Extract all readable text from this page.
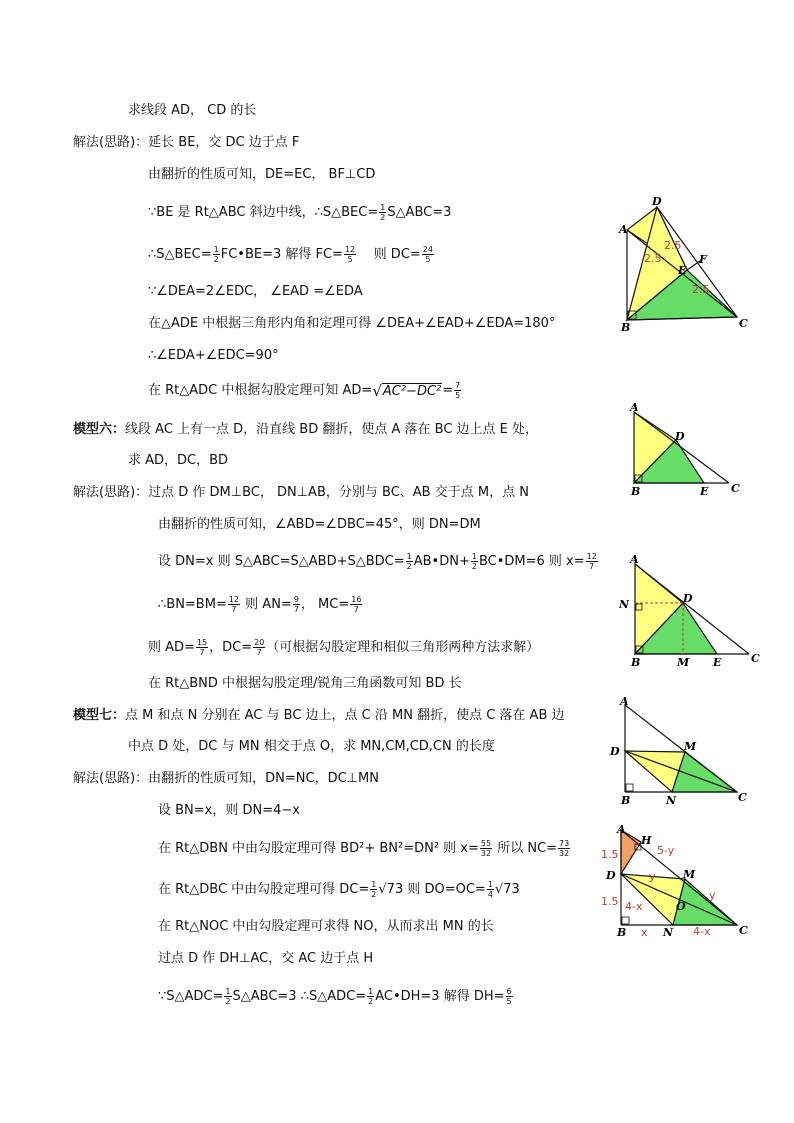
求线段 AD， CD 的长
解法(思路)：延长 BE，交 DC 边于点 F
由翻折的性质可知，DE=EC， BF⊥CD
∵BE 是 Rt△ABC 斜边中线，∴S△BEC= $\frac{1}{2}$ S△ABC=3
∴S△BEC= $\frac{1}{2}$ FC•BE=3 解得 $FC= \frac{12}{5}$ 则 $DC= \frac{24}{5}$
∵∠DEA=2∠EDC， ∠EAD =∠EDA
在△ADE 中根据三角形内角和定理可得 ∠DEA+∠EAD+∠EDA=180°
∴∠EDA+∠EDC=90°
在 Rt△ADC 中根据勾股定理可知 AD= √ $AC^2-DC^2 = \frac{7}{5}$
模型六：线段 AC 上有一点 D，沿直线 BD 翻折，使点 A 落在 BC 边上点 E 处，
求 AD，DC，BD
解法(思路)：过点 D 作 DM⊥BC， DN⊥AB，分别与 BC、AB 交于点 M，点 N
由翻折的性质可知，∠ABD=∠DBC=45°，则 DN=DM
设 DN=x 则 S△ABC=S△ABD+S△BDC= $\frac{1}{2}$ AB•DN+ $\frac{1}{2}$ BC•DM=6 则 $x= \frac{12}{7}$
∴BN=BM= $\frac{12}{7}$ 则 $AN= \frac{9}{7}$ ， $MC= \frac{16}{7}$
则 $AD= \frac{15}{7}$ ，$DC= \frac{20}{7}$ （可根据勾股定理和相似三角形两种方法求解）
在 Rt△BND 中根据勾股定理/锐角三角函数可知 BD 长
模型七：点 M 和点 N 分别在 AC 与 BC 边上，点 C 沿 MN 翻折，使点 C 落在 AB 边
中点 D 处，DC 与 MN 相交于点 O，求 MN,CM,CD,CN 的长度
解法(思路)：由翻折的性质可知，DN=NC，DC⊥MN
设 BN=x，则 DN=4−x
在 Rt△DBN 中由勾股定理可得 BD²+ BN²=DN² 则 $x= \frac{55}{32}$ 所以 $NC= \frac{73}{32}$
在 Rt△DBC 中由勾股定理可得 $DC= \frac{1}{2} √73$ 则 $DO=OC= \frac{1}{4} √73$
在 Rt△NOC 中由勾股定理可求得 NO，从而求出 MN 的长
过点 D 作 DH⊥AC，交 AC 边于点 H
∵S△ADC= $\frac{1}{2}$ S△ABC=3 ∴S△ADC= $\frac{1}{2}$ AC•DH=3 解得 $DH= \frac{6}{5}$
A
D
B	C
E
F
2.5
2.5
2.5
A
D
B	E C
A
N	D
B	M E	C
A
D	M
B	N	C
A
H
D	M
O
B	N	C
1.5
1.5
5-y
y
y
4-x
x	4-x
